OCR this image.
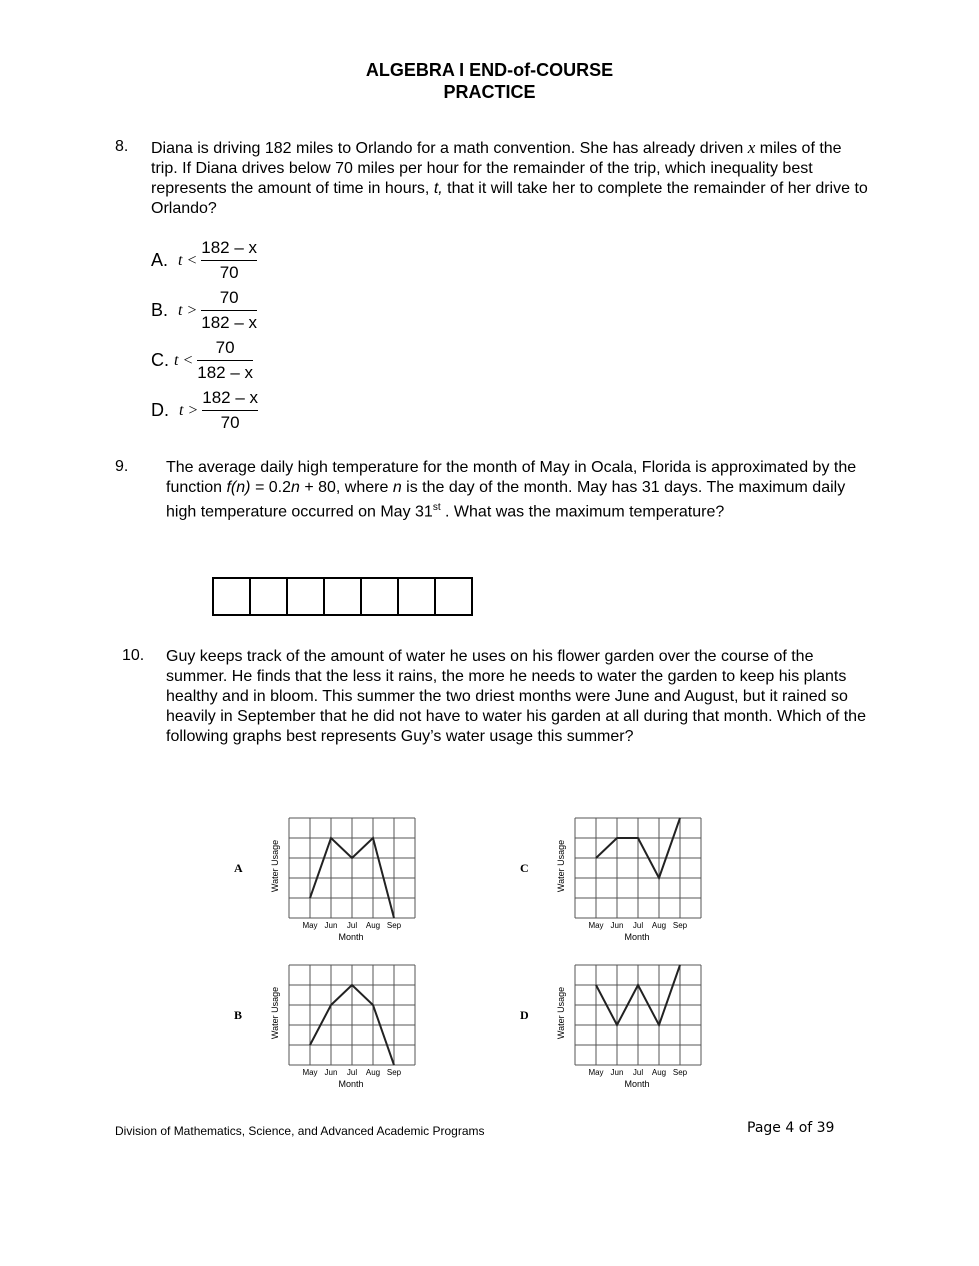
ALGEBRA I END-of-COURSE
PRACTICE
8. Diana is driving 182 miles to Orlando for a math convention. She has already driven x miles of the trip. If Diana drives below 70 miles per hour for the remainder of the trip, which inequality best represents the amount of time in hours, t, that it will take her to complete the remainder of her drive to Orlando?
A. $t < \frac{182 - x}{70}$
B. $t > \frac{70}{182 - x}$
C. $t < \frac{70}{182 - x}$
D. $t > \frac{182 - x}{70}$
9. The average daily high temperature for the month of May in Ocala, Florida is approximated by the function f(n) = 0.2n + 80, where n is the day of the month. May has 31 days. The maximum daily high temperature occurred on May 31st . What was the maximum temperature?
10. Guy keeps track of the amount of water he uses on his flower garden over the course of the summer. He finds that the less it rains, the more he needs to water the garden to keep his plants healthy and in bloom. This summer the two driest months were June and August, but it rained so heavily in September that he did not have to water his garden at all during that month. Which of the following graphs best represents Guy’s water usage this summer?
A	Water Usage
May Jun	Jul	Aug Sep
Month
C	Water Usage
May Jun	Jul	Aug Sep
Month
B	Water Usage
May Jun	Jul	Aug Sep
Month
D	Water Usage
May Jun	Jul	Aug Sep
Month
Division of Mathematics, Science, and Advanced Academic Programs	Page 4 of 39
